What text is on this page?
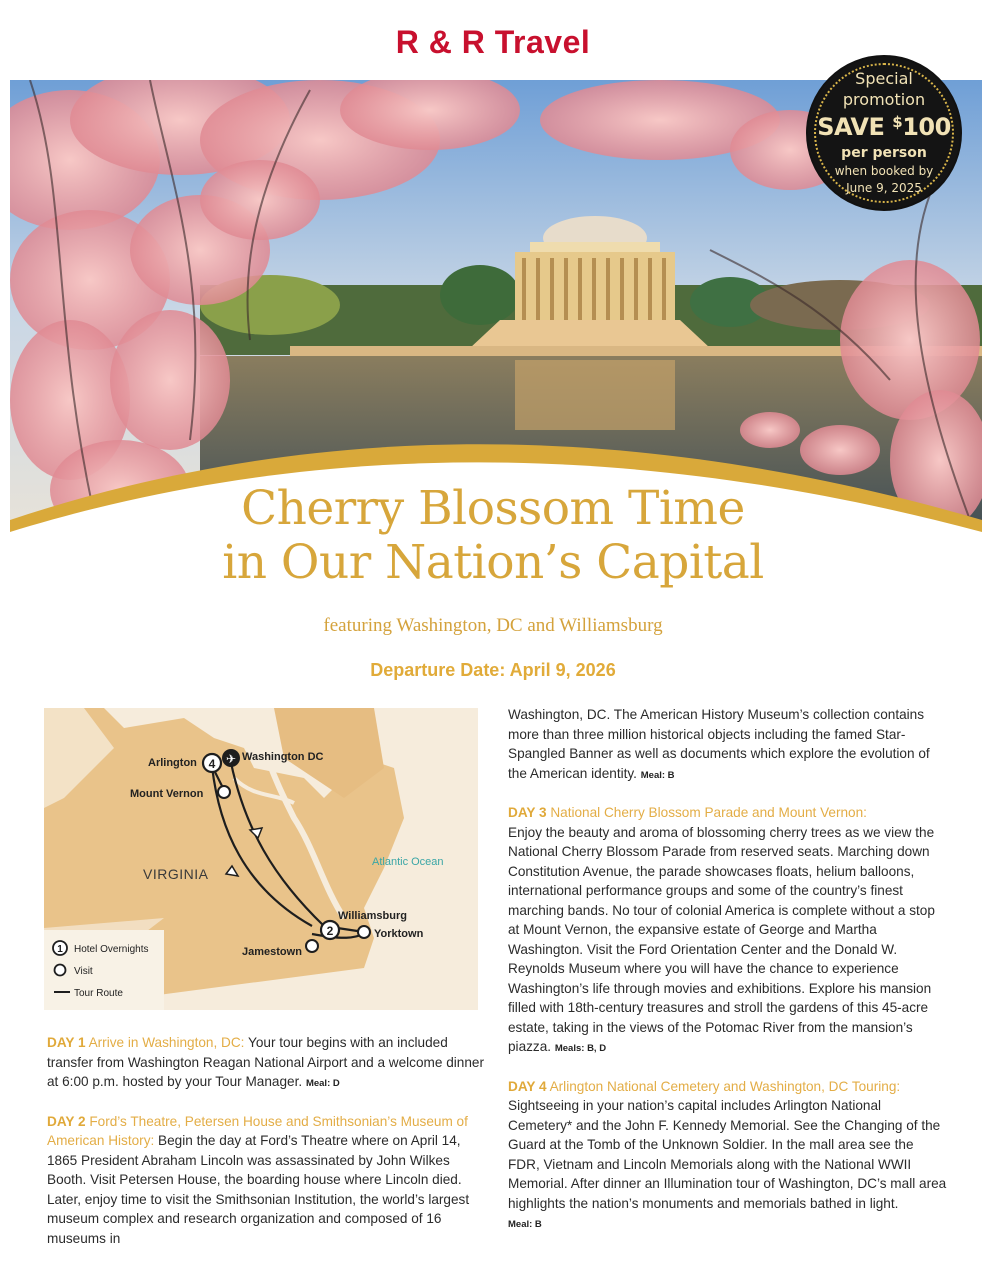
R & R Travel
Special
promotion
SAVE $100
per person
when booked by
June 9, 2025
Cherry Blossom Time
in Our Nation’s Capital
featuring Washington, DC and Williamsburg
Departure Date: April 9, 2026
4 ✈
2
Arlington	Washington DC
Mount Vernon
VIRGINIA
Atlantic Ocean
Williamsburg
Yorktown
Jamestown
1 Hotel Overnights
Visit
Tour Route

DAY 1 Arrive in Washington, DC: Your tour begins with an included transfer from Washington Reagan National Airport and a welcome dinner at 6:00 p.m. hosted by your Tour Manager. Meal: D

DAY 2 Ford’s Theatre, Petersen House and Smithsonian’s Museum of American History: Begin the day at Ford’s Theatre where on April 14, 1865 President Abraham Lincoln was assassinated by John Wilkes Booth. Visit Petersen House, the boarding house where Lincoln died. Later, enjoy time to visit the Smithsonian Institution, the world’s largest museum complex and research organization and composed of 16 museums in

Washington, DC. The American History Museum’s collection contains more than three million historical objects including the famed Star-Spangled Banner as well as documents which explore the evolution of the American identity. Meal: B

DAY 3 National Cherry Blossom Parade and Mount Vernon:
Enjoy the beauty and aroma of blossoming cherry trees as we view the National Cherry Blossom Parade from reserved seats. Marching down Constitution Avenue, the parade showcases floats, helium balloons, international performance groups and some of the country’s finest marching bands. No tour of colonial America is complete without a stop at Mount Vernon, the expansive estate of George and Martha Washington. Visit the Ford Orientation Center and the Donald W. Reynolds Museum where you will have the chance to experience Washington’s life through movies and exhibitions. Explore his mansion filled with 18th-century treasures and stroll the gardens of this 45-acre estate, taking in the views of the Potomac River from the mansion’s piazza. Meals: B, D

DAY 4 Arlington National Cemetery and Washington, DC Touring: Sightseeing in your nation’s capital includes Arlington National Cemetery* and the John F. Kennedy Memorial. See the Changing of the Guard at the Tomb of the Unknown Soldier. In the mall area see the FDR, Vietnam and Lincoln Memorials along with the National WWII Memorial. After dinner an Illumination tour of Washington, DC’s mall area highlights the nation’s monuments and memorials bathed in light.
Meal: B
